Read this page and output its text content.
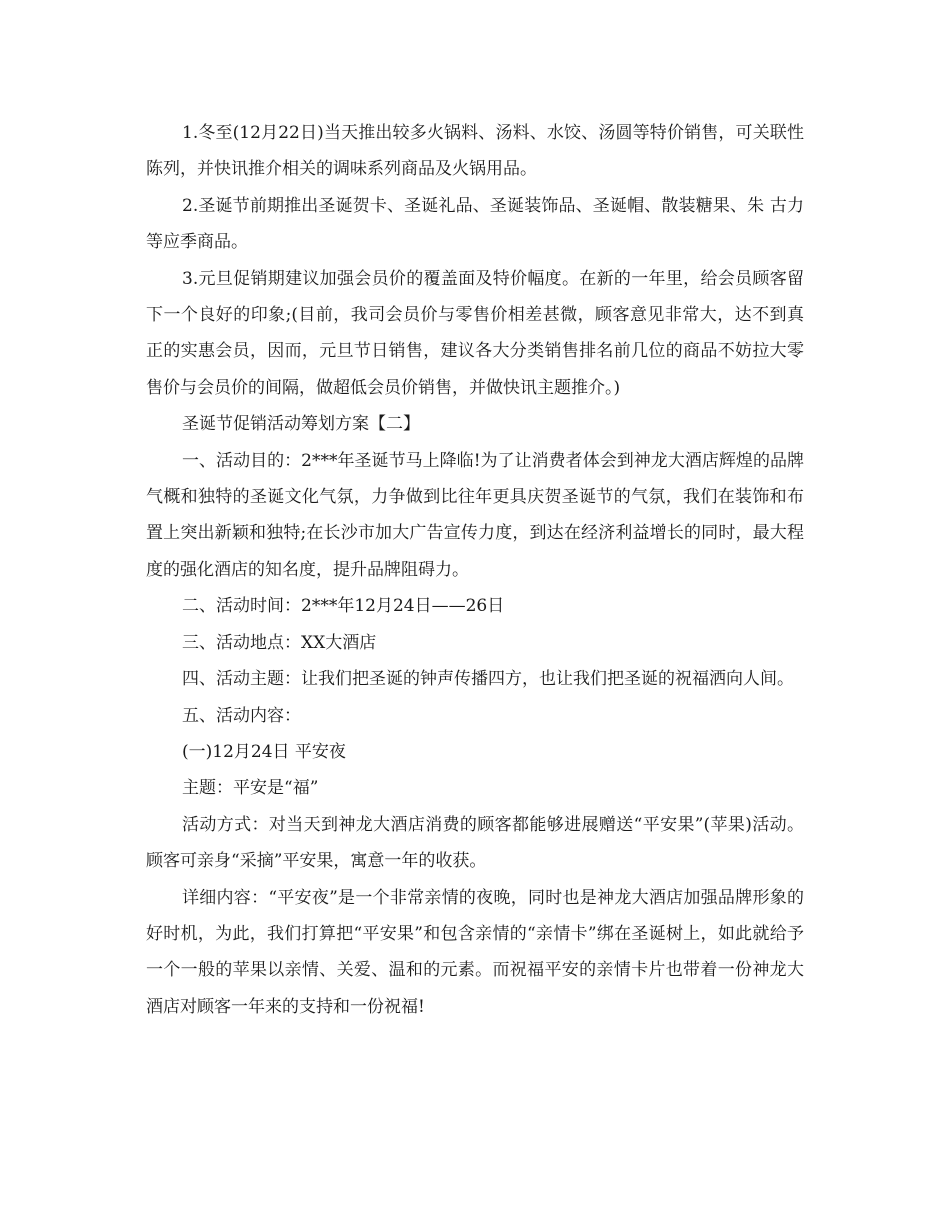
1.冬至(12月22日)当天推出较多火锅料、汤料、水饺、汤圆等特价销售，可关联性陈列，并快讯推介相关的调味系列商品及火锅用品。

2.圣诞节前期推出圣诞贺卡、圣诞礼品、圣诞装饰品、圣诞帽、散装糖果、朱 古力等应季商品。

3.元旦促销期建议加强会员价的覆盖面及特价幅度。在新的一年里，给会员顾客留下一个良好的印象;(目前，我司会员价与零售价相差甚微，顾客意见非常大，达不到真正的实惠会员，因而，元旦节日销售，建议各大分类销售排名前几位的商品不妨拉大零售价与会员价的间隔，做超低会员价销售，并做快讯主题推介。)

圣诞节促销活动筹划方案【二】

一、活动目的：2***年圣诞节马上降临!为了让消费者体会到神龙大酒店辉煌的品牌气概和独特的圣诞文化气氛，力争做到比往年更具庆贺圣诞节的气氛，我们在装饰和布置上突出新颖和独特;在长沙市加大广告宣传力度，到达在经济利益增长的同时，最大程度的强化酒店的知名度，提升品牌阻碍力。

二、活动时间：2***年12月24日——26日

三、活动地点：XX大酒店

四、活动主题：让我们把圣诞的钟声传播四方，也让我们把圣诞的祝福洒向人间。

五、活动内容：

(一)12月24日 平安夜

主题：平安是“福”

活动方式：对当天到神龙大酒店消费的顾客都能够进展赠送“平安果”(苹果)活动。顾客可亲身“采摘”平安果，寓意一年的收获。

详细内容：“平安夜”是一个非常亲情的夜晚，同时也是神龙大酒店加强品牌形象的好时机，为此，我们打算把“平安果”和包含亲情的“亲情卡”绑在圣诞树上，如此就给予一个一般的苹果以亲情、关爱、温和的元素。而祝福平安的亲情卡片也带着一份神龙大酒店对顾客一年来的支持和一份祝福!
